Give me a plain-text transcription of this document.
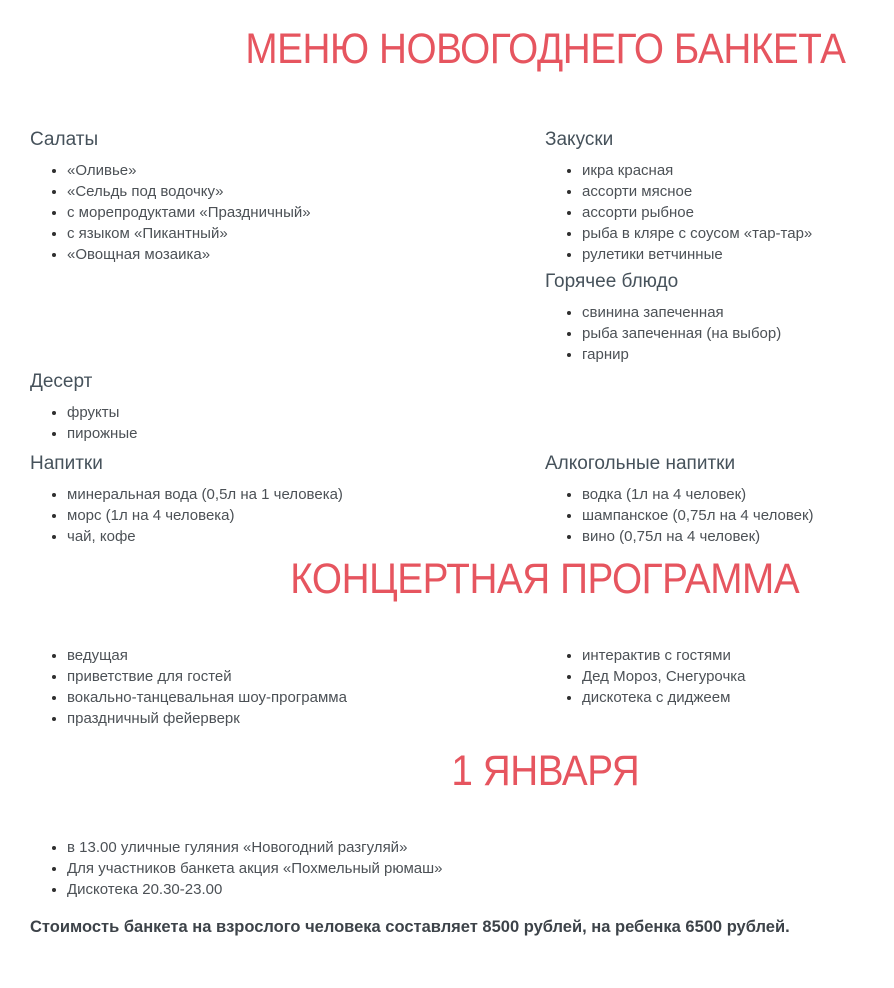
МЕНЮ НОВОГОДНЕГО БАНКЕТА
Салаты
• «Оливье»
• «Сельдь под водочку»
• с морепродуктами «Праздничный»
• с языком «Пикантный»
• «Овощная мозаика»
Закуски
• икра красная
• ассорти мясное
• ассорти рыбное
• рыба в кляре с соусом «тар-тар»
• рулетики ветчинные
Горячее блюдо
• свинина запеченная
• рыба запеченная (на выбор)
• гарнир
Десерт
• фрукты
• пирожные
Напитки
• минеральная вода (0,5л на 1 человека)
• морс (1л на 4 человека)
• чай, кофе
Алкогольные напитки
• водка (1л на 4 человек)
• шампанское (0,75л на 4 человек)
• вино (0,75л на 4 человек)
КОНЦЕРТНАЯ ПРОГРАММА
• ведущая
• приветствие для гостей
• вокально-танцевальная шоу-программа
• праздничный фейерверк
• интерактив с гостями
• Дед Мороз, Снегурочка
• дискотека с диджеем
1 ЯНВАРЯ
• в 13.00 уличные гуляния «Новогодний разгуляй»
• Для участников банкета акция «Похмельный рюмаш»
• Дискотека 20.30-23.00

Стоимость банкета на взрослого человека составляет 8500 рублей, на ребенка 6500 рублей.
